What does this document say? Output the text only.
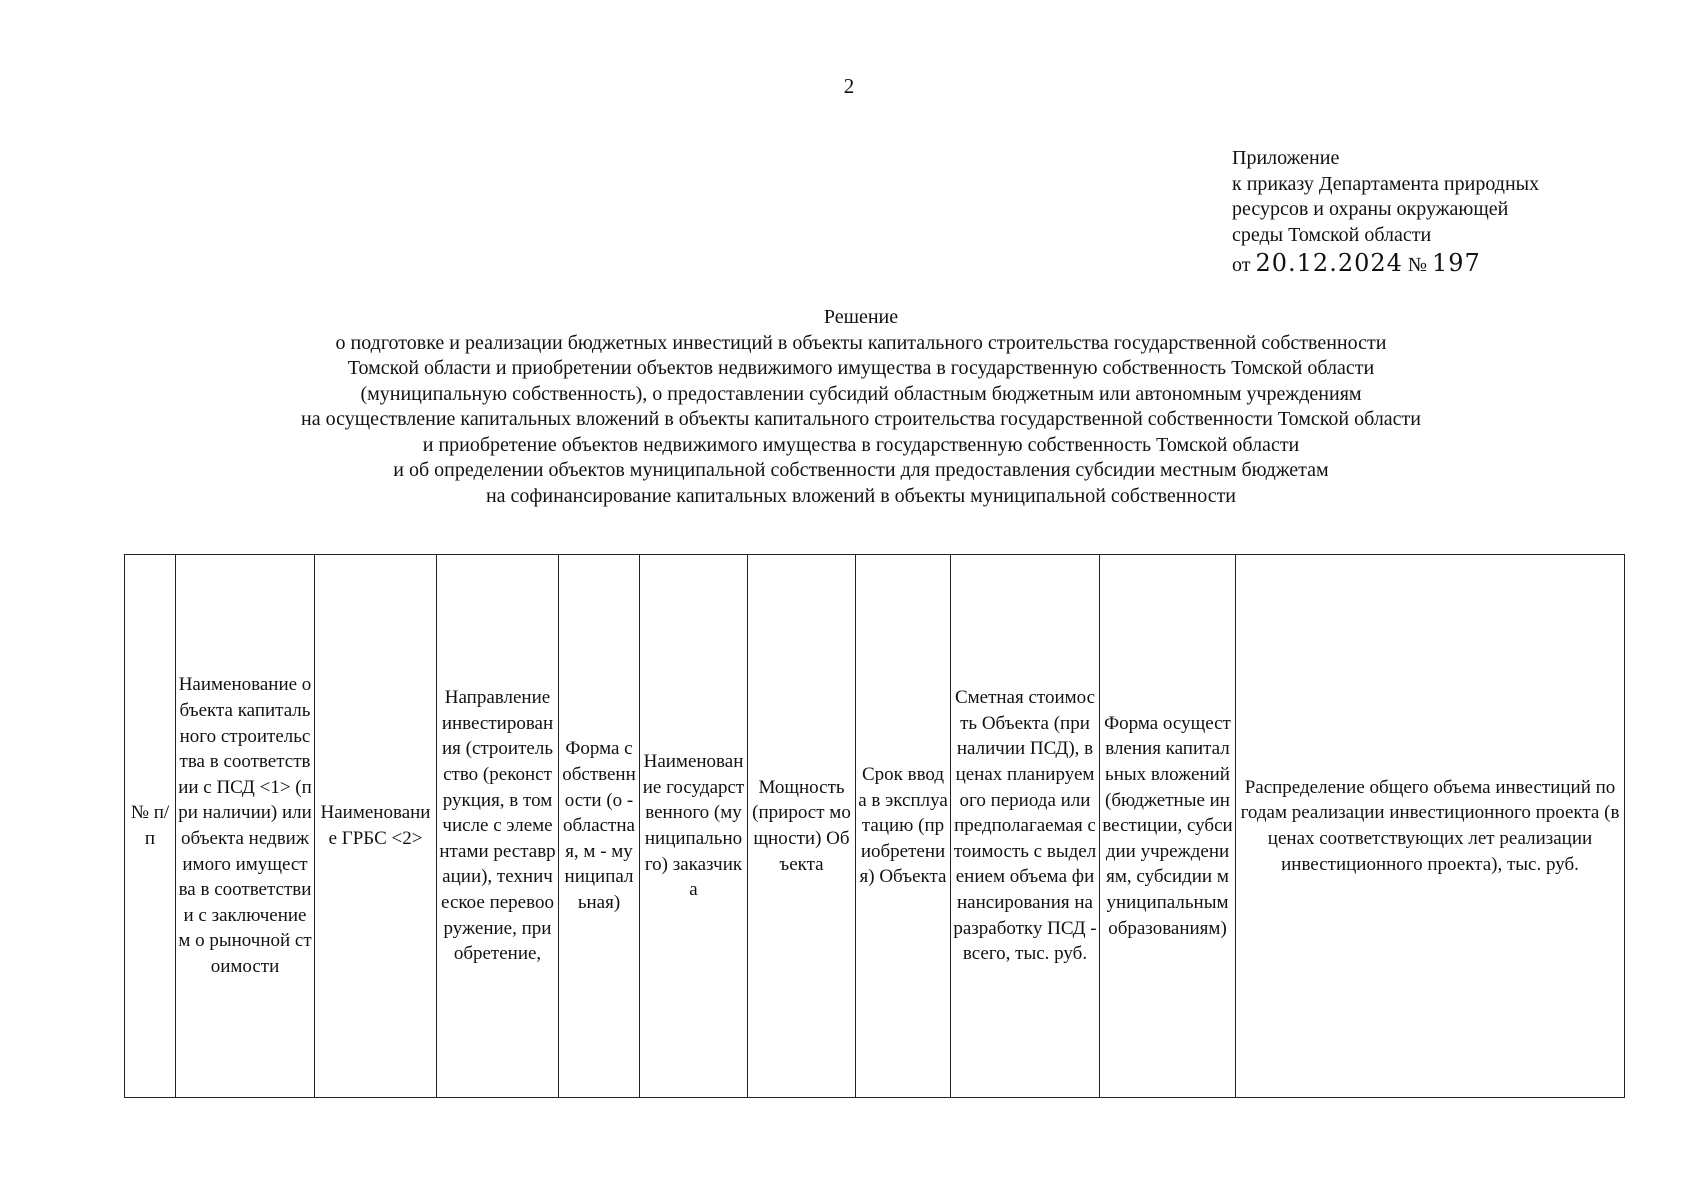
2
Приложение
к приказу Департамента природных
ресурсов и охраны окружающей
среды Томской области
от 20.12.2024 № 197
Решение
о подготовке и реализации бюджетных инвестиций в объекты капитального строительства государственной собственности
Томской области и приобретении объектов недвижимого имущества в государственную собственность Томской области
(муниципальную собственность), о предоставлении субсидий областным бюджетным или автономным учреждениям
на осуществление капитальных вложений в объекты капитального строительства государственной собственности Томской области
и приобретение объектов недвижимого имущества в государственную собственность Томской области
и об определении объектов муниципальной собственности для предоставления субсидии местным бюджетам
на софинансирование капитальных вложений в объекты муниципальной собственности
№ п/п	Наименование объекта капитального строительства в соответствии с ПСД <1> (при наличии) или объекта недвижимого имущества в соответствии с заключением о рыночной стоимости	Наименование ГРБС <2>	Направление инвестирования (строительство (реконструкция, в том числе с элементами реставрации), техническое перевооружение, приобретение,	Форма собственности (о - областная, м - муниципальная)	Наименование государственного (муниципального) заказчика	Мощность (прирост мощности) Объекта	Срок ввода в эксплуатацию (приобретения) Объекта	Сметная стоимость Объекта (при наличии ПСД), в ценах планируемого периода или предполагаемая стоимость с выделением объема финансирования на разработку ПСД - всего, тыс. руб.	Форма осуществления капитальных вложений (бюджетные инвестиции, субсидии учреждениям, субсидии муниципальным образованиям)	Распределение общего объема инвестиций по годам реализации инвестиционного проекта (в ценах соответствующих лет реализации инвестиционного проекта), тыс. руб.
